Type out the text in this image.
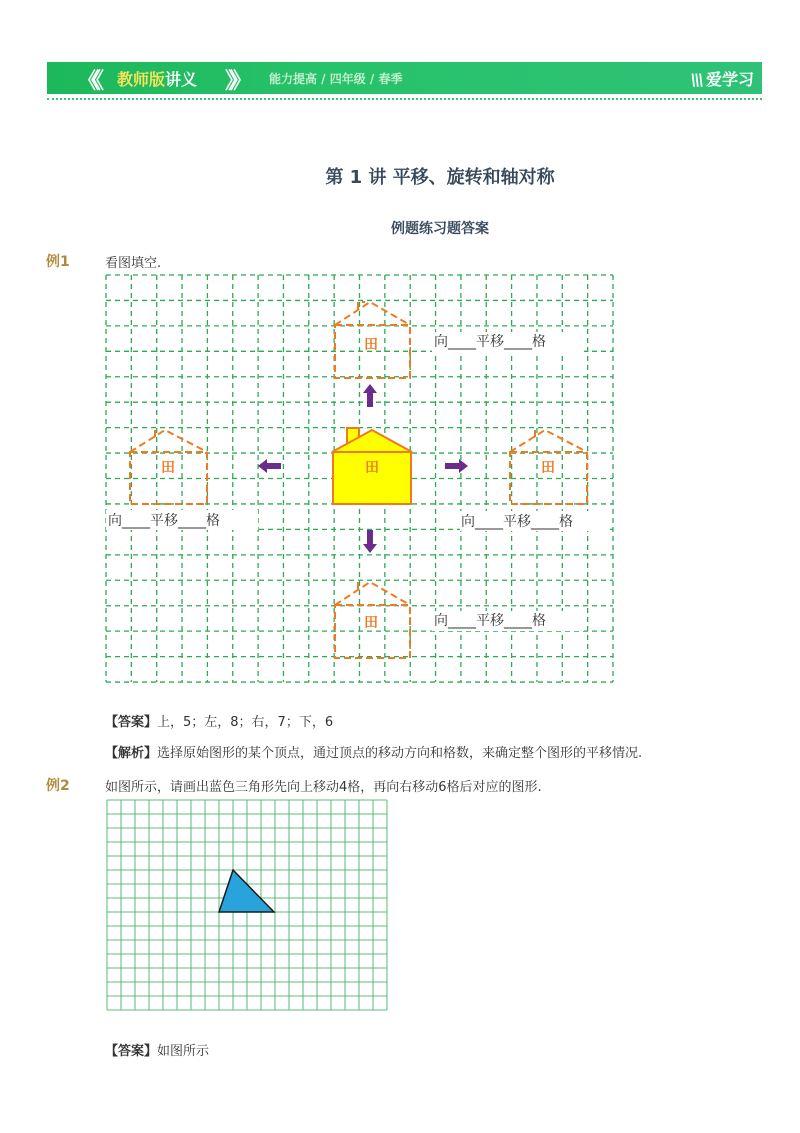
《《 教师版讲义 》》 能力提高 / 四年级 / 春季	\\\ 爱学习
第 1 讲 平移、旋转和轴对称
例题练习题答案
例1	看图填空.
田
田	田
田
田
向____平移____格
向____平移____格	向____平移____格
向____平移____格
【答案】上，5；左，8；右，7；下，6
【解析】选择原始图形的某个顶点，通过顶点的移动方向和格数，来确定整个图形的平移情况.
例2	如图所示，请画出蓝色三角形先向上移动4格，再向右移动6格后对应的图形.
【答案】如图所示
